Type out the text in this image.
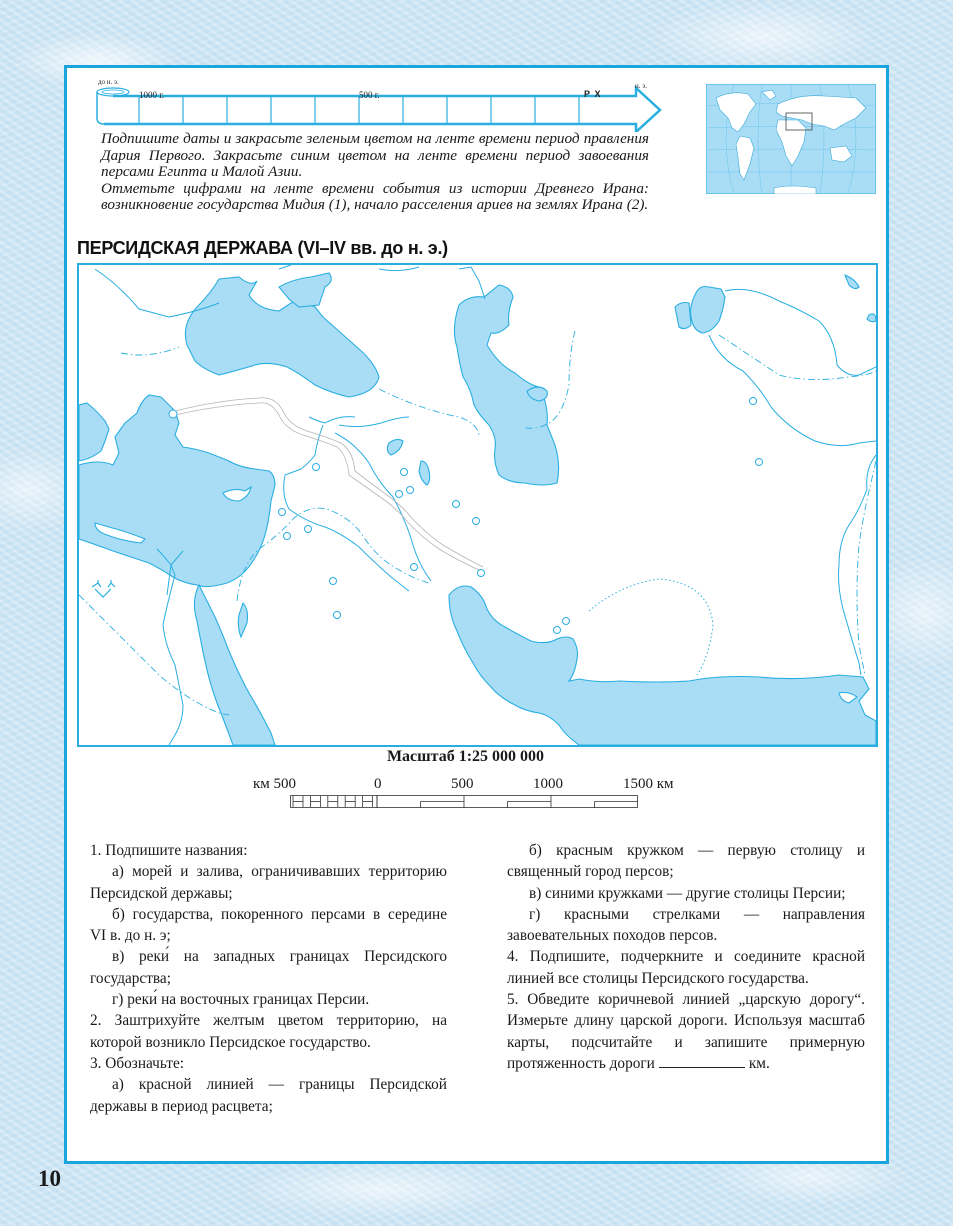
до н. э.
1000 г.	500 г.	Р Х
н. э.

Подпишите даты и закрасьте зеленым цветом на ленте времени период правления Дария Первого. Закрасьте синим цветом на ленте времени период завоевания персами Египта и Малой Азии.

Отметьте цифрами на ленте времени события из истории Древнего Ирана: возникновение государства Мидия (1), начало расселения ариев на землях Ирана (2).

ПЕРСИДСКАЯ ДЕРЖАВА (VI–IV вв. до н. э.)
Масштаб 1:25 000 000
км 500	0	500	1000	1500 км

1. Подпишите названия:

а) морей и залива, ограничивавших территорию Персидской державы;

б) государства, покоренного персами в середине VI в. до н. э;

в) реки́ на западных границах Персидского государства;

г) реки́ на восточных границах Персии.

2. Заштрихуйте желтым цветом территорию, на которой возникло Персидское государство.

3. Обозначьте:

а) красной линией — границы Персидской державы в период расцвета;

б) красным кружком — первую столицу и священный город персов;

в) синими кружками — другие столицы Персии;

г) красными стрелками — направления завоевательных походов персов.

4. Подпишите, подчеркните и соедините красной линией все столицы Персидского государства.

5. Обведите коричневой линией „царскую дорогу“. Измерьте длину царской дороги. Используя масштаб карты, подсчитайте и запишите примерную протяженность дороги	км.

10
